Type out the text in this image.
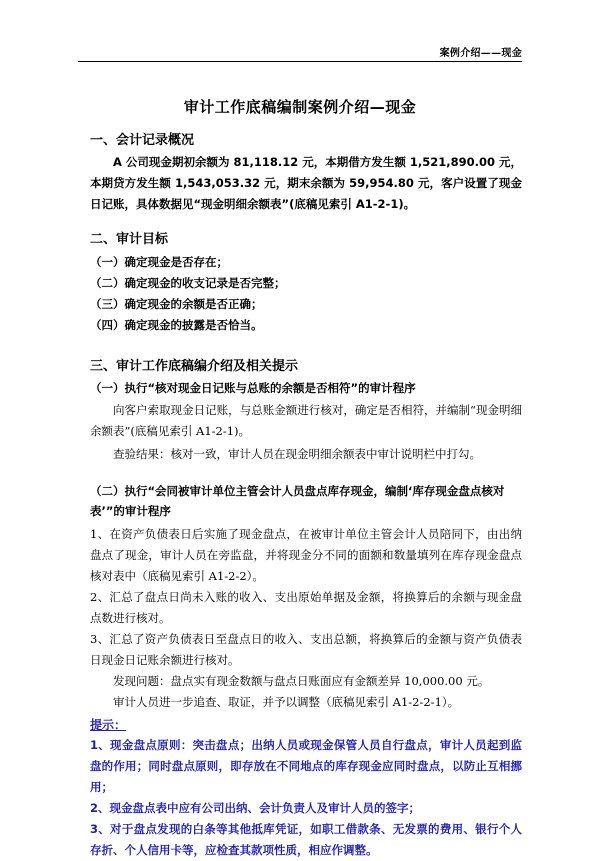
案例介绍——现金
审计工作底稿编制案例介绍—现金
一、会计记录概况
A 公司现金期初余额为 81,118.12 元，本期借方发生额 1,521,890.00 元，本期贷方发生额 1,543,053.32 元，期末余额为 59,954.80 元，客户设置了现金日记账，具体数据见“现金明细余额表”(底稿见索引 A1-2-1)。
二、审计目标
（一）确定现金是否存在；
（二）确定现金的收支记录是否完整；
（三）确定现金的余额是否正确；
（四）确定现金的披露是否恰当。
三、审计工作底稿编介绍及相关提示
（一）执行“核对现金日记账与总账的余额是否相符”的审计程序
向客户索取现金日记账，与总账金额进行核对，确定是否相符，并编制“现金明细余额表”(底稿见索引 A1-2-1)。
查验结果：核对一致，审计人员在现金明细余额表中审计说明栏中打勾。
（二）执行“会同被审计单位主管会计人员盘点库存现金，编制‘库存现金盘点核对表’”的审计程序
1、在资产负债表日后实施了现金盘点，在被审计单位主管会计人员陪同下，由出纳盘点了现金，审计人员在旁监盘，并将现金分不同的面额和数量填列在库存现金盘点核对表中（底稿见索引 A1-2-2）。
2、汇总了盘点日尚未入账的收入、支出原始单据及金额，将换算后的余额与现金盘点数进行核对。
3、汇总了资产负债表日至盘点日的收入、支出总额，将换算后的金额与资产负债表日现金日记账余额进行核对。
发现问题：盘点实有现金数额与盘点日账面应有金额差异 10,000.00 元。
审计人员进一步追查、取证，并予以调整（底稿见索引 A1-2-2-1）。
提示：
1、现金盘点原则：突击盘点；出纳人员或现金保管人员自行盘点，审计人员起到监盘的作用；同时盘点原则，即存放在不同地点的库存现金应同时盘点，以防止互相挪用；
2、现金盘点表中应有公司出纳、会计负责人及审计人员的签字；
3、对于盘点发现的白条等其他抵库凭证，如职工借款条、无发票的费用、银行个人存折、个人信用卡等，应检查其款项性质，相应作调整。
